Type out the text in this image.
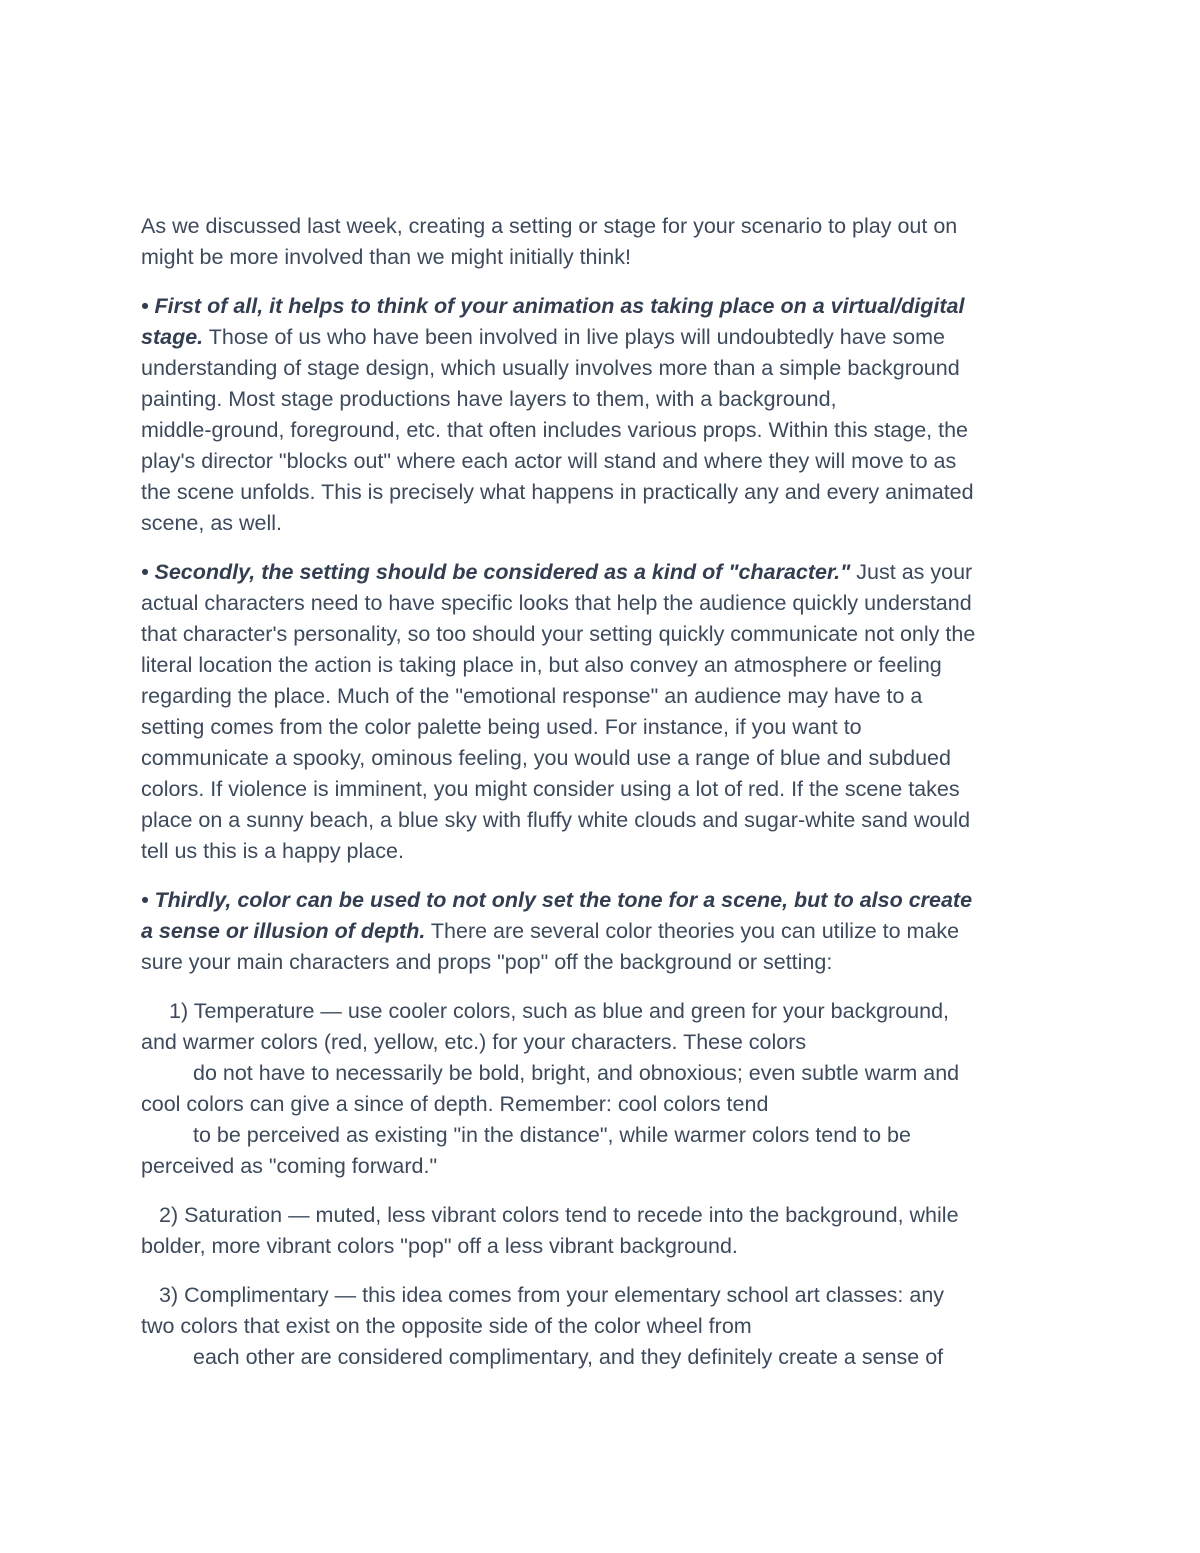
As we discussed last week, creating a setting or stage for your scenario to play out on
might be more involved than we might initially think!

• First of all, it helps to think of your animation as taking place on a virtual/digital
stage. Those of us who have been involved in live plays will undoubtedly have some
understanding of stage design, which usually involves more than a simple background
painting. Most stage productions have layers to them, with a background,
middle-ground, foreground, etc. that often includes various props. Within this stage, the
play's director "blocks out" where each actor will stand and where they will move to as
the scene unfolds. This is precisely what happens in practically any and every animated
scene, as well.

• Secondly, the setting should be considered as a kind of "character." Just as your
actual characters need to have specific looks that help the audience quickly understand
that character's personality, so too should your setting quickly communicate not only the
literal location the action is taking place in, but also convey an atmosphere or feeling
regarding the place. Much of the "emotional response" an audience may have to a
setting comes from the color palette being used. For instance, if you want to
communicate a spooky, ominous feeling, you would use a range of blue and subdued
colors. If violence is imminent, you might consider using a lot of red. If the scene takes
place on a sunny beach, a blue sky with fluffy white clouds and sugar-white sand would
tell us this is a happy place.

• Thirdly, color can be used to not only set the tone for a scene, but to also create
a sense or illusion of depth. There are several color theories you can utilize to make
sure your main characters and props "pop" off the background or setting:

1) Temperature — use cooler colors, such as blue and green for your background,
and warmer colors (red, yellow, etc.) for your characters. These colors
do not have to necessarily be bold, bright, and obnoxious; even subtle warm and
cool colors can give a since of depth. Remember: cool colors tend
to be perceived as existing "in the distance", while warmer colors tend to be
perceived as "coming forward."
2) Saturation — muted, less vibrant colors tend to recede into the background, while
bolder, more vibrant colors "pop" off a less vibrant background.
3) Complimentary — this idea comes from your elementary school art classes: any
two colors that exist on the opposite side of the color wheel from
each other are considered complimentary, and they definitely create a sense of
